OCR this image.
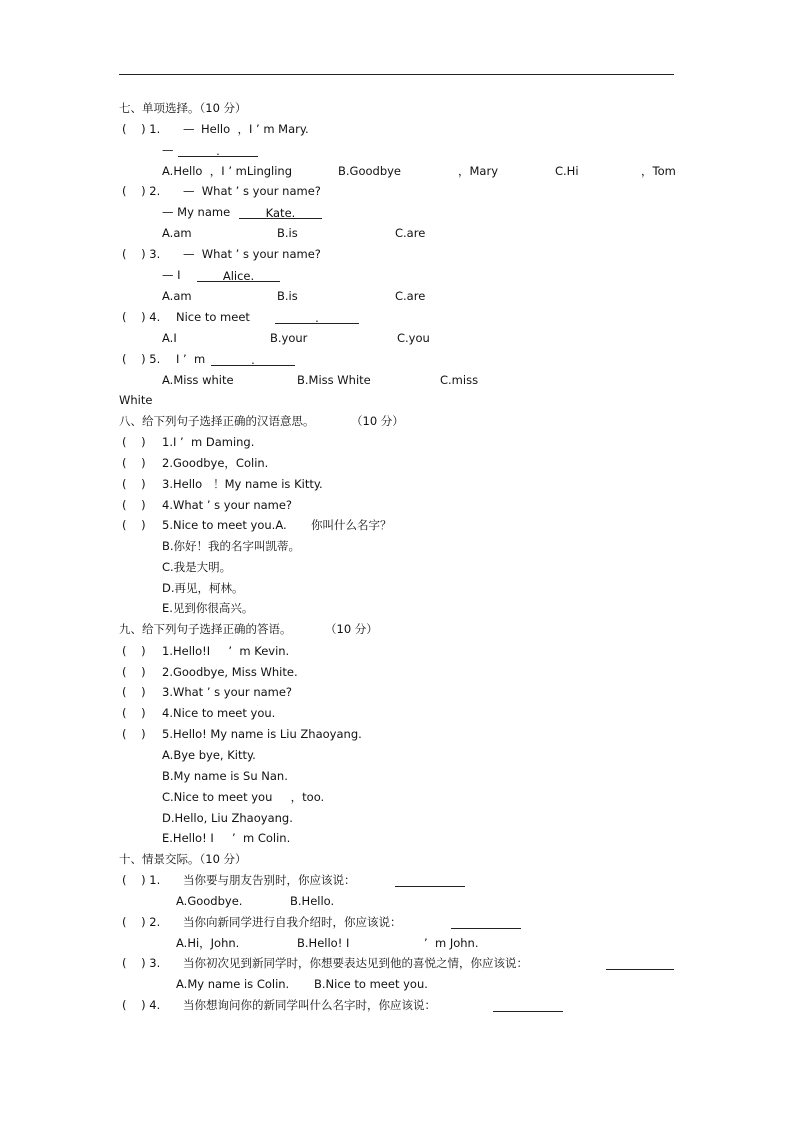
七、单项选择。（10 分）
(    ) 1. — Hello  ，I ’ m Mary.
—	.
A.Hello  ，I ’ mLingling	B.Goodbye	，Mary	C.Hi	，Tom
(    ) 2. —  What ’ s your name?
— My name	Kate.
A.am	B.is	C.are
(    ) 3. —  What ’ s your name?
— I	Alice.
A.am	B.is	C.are
(    ) 4. Nice to meet	.
A.I	B.your	C.you
(    ) 5. I ’  m	.
A.Miss white	B.Miss White	C.miss
White
八、给下列句子选择正确的汉语意思。	（10 分）
(    ) 1.I ’  m Daming.
(    ) 2.Goodbye，Colin.
(    ) 3.Hello   ！My name is Kitty.
(    ) 4.What ’ s your name?
(    ) 5.Nice to meet you.A. 你叫什么名字？
B.你好！我的名字叫凯蒂。
C.我是大明。
D.再见，柯林。
E.见到你很高兴。
九、给下列句子选择正确的答语。	（10 分）
(    ) 1.Hello!I     ’  m Kevin.
(    ) 2.Goodbye, Miss White.
(    ) 3.What ’ s your name?
(    ) 4.Nice to meet you.
(    ) 5.Hello! My name is Liu Zhaoyang.
A.Bye bye, Kitty.
B.My name is Su Nan.
C.Nice to meet you     ，too.
D.Hello, Liu Zhaoyang.
E.Hello! I     ’  m Colin.
十、情景交际。（10 分）
(    ) 1. 当你要与朋友告别时，你应该说：
A.Goodbye.	B.Hello.
(    ) 2. 当你向新同学进行自我介绍时，你应该说：
A.Hi，John.	B.Hello! I	’  m John.
(    ) 3. 当你初次见到新同学时，你想要表达见到他的喜悦之情，你应该说：
A.My name is Colin. B.Nice to meet you.
(    ) 4. 当你想询问你的新同学叫什么名字时，你应该说：
